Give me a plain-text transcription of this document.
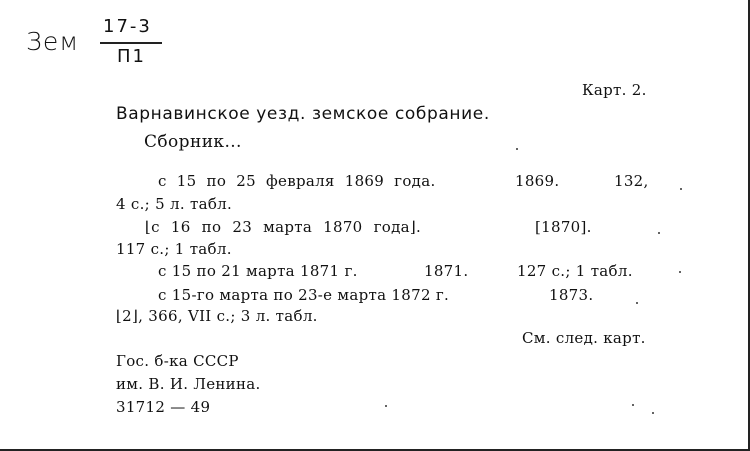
Зем
17-3
П1
Карт. 2.
Варнавинское уезд. земское собрание.
Сборник...
с 15 по 25 февраля 1869 года.	1869.	132,
4 с.; 5 л. табл.
⌊с 16 по 23 марта 1870 года⌋.	[1870].
117 с.; 1 табл.
с 15 по 21 марта 1871 г.	1871.	127 с.; 1 табл.
с 15-го марта по 23-е марта 1872 г.	1873.
⌊2⌋, 366, VII с.; 3 л. табл.
См. след. карт.
Гос. б-ка СССР
им. В. И. Ленина.
31712 — 49
